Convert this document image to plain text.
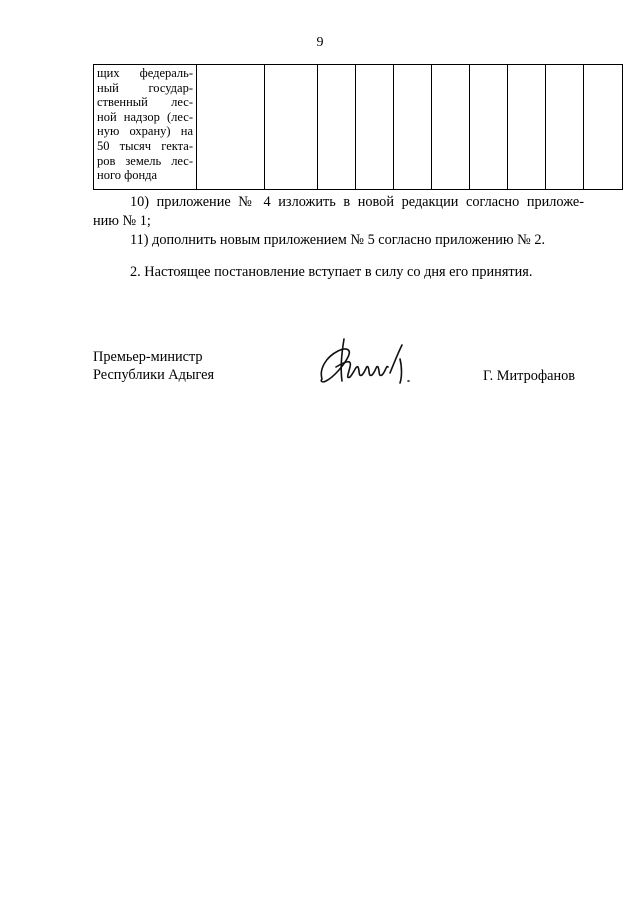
9
щих федераль-
ный государ-
ственный лес-
ной надзор (лес-
ную охрану) на
50 тысяч гекта-
ров земель лес-
ного фонда

10) приложение № 4 изложить в новой редакции согласно приложе-
нию № 1;
11) дополнить новым приложением № 5 согласно приложению № 2.
2. Настоящее постановление вступает в силу со дня его принятия.
Премьер-министр
Республики Адыгея	Г. Митрофанов
